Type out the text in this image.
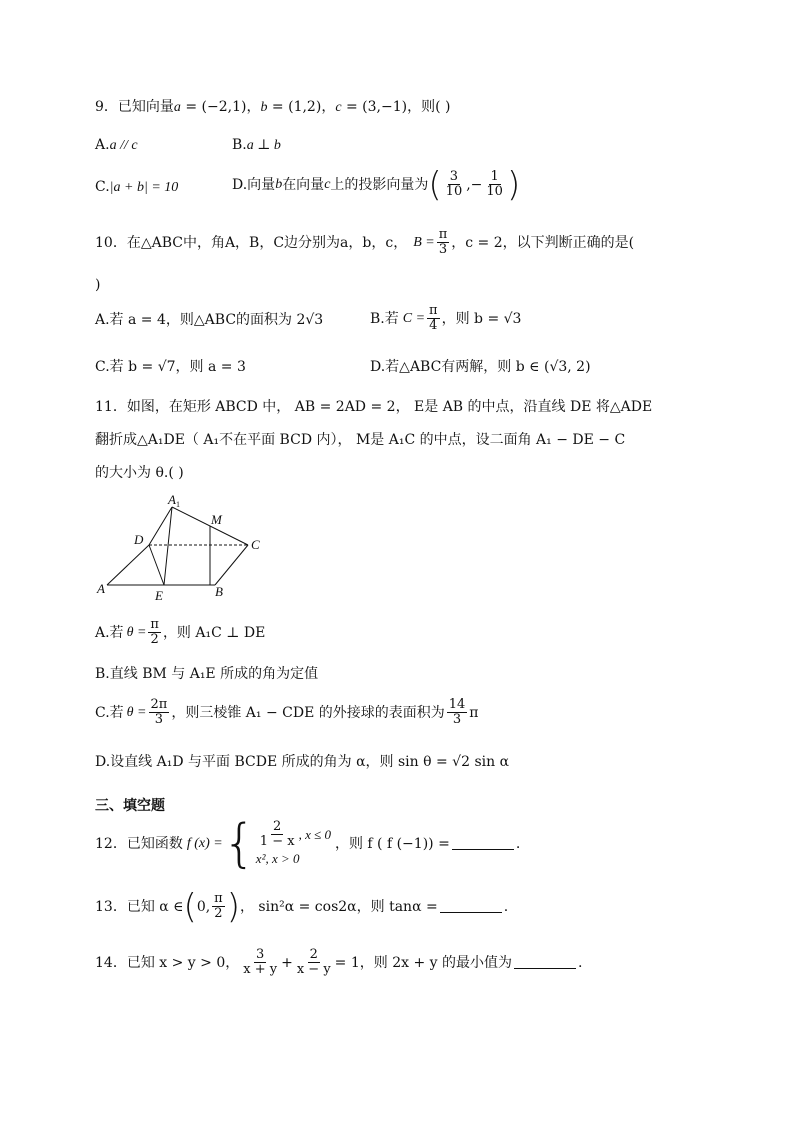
9．已知向量a = (−2,1)，b = (1,2)，c = (3,−1)，则( )
A.a // c	B.a ⊥ b
C.|a + b| = 10	D.向量 b 在向量 c 上的投影向量为 ( $\frac{3}{10}$ ,− $\frac{1}{10}$ )
10．在△ABC中，角A，B，C边分别为a，b，c， $B = \frac{\pi}{3}$ ，c = 2，以下判断正确的是(
)
A.若 a = 4，则△ABC的面积为 2√3	B.若 $C = \frac{\pi}{4}$ ，则 b = √3
C.若 b = √7，则 a = 3	D.若△ABC有两解，则 b ∈ (√3, 2)
11．如图，在矩形 ABCD 中， AB = 2AD = 2， E是 AB 的中点，沿直线 DE 将△ADE
翻折成△A₁DE（ A₁不在平面 BCD 内）， M是 A₁C 的中点，设二面角 A₁ − DE − C
的大小为 θ.( )
$A_1$
M
D	C
A	E	B
A.若 $\theta = \frac{\pi}{2}$ ，则 A₁C ⊥ DE
B.直线 BM 与 A₁E 所成的角为定值
C.若 $\theta = \frac{2\pi}{3}$ ，则三棱锥 A₁ − CDE 的外接球的表面积为 $\frac{14}{3}$ π
D.设直线 A₁D 与平面 BCDE 所成的角为 α，则 sin θ = √2 sin α
三、填空题
12．已知函数 f (x) = { $\frac{2}{1 - x}$ , x ≤ 0
x², x > 0
，则 f ( f (−1)) =	.
13．已知 α ∈ ( 0, $\frac{\pi}{2}$ ) ， sin²α = cos2α，则 tanα =	.
14．已知 x > y > 0， $\frac{3}{x + y} + \frac{2}{x - y} = 1$，则 2x + y 的最小值为	.
